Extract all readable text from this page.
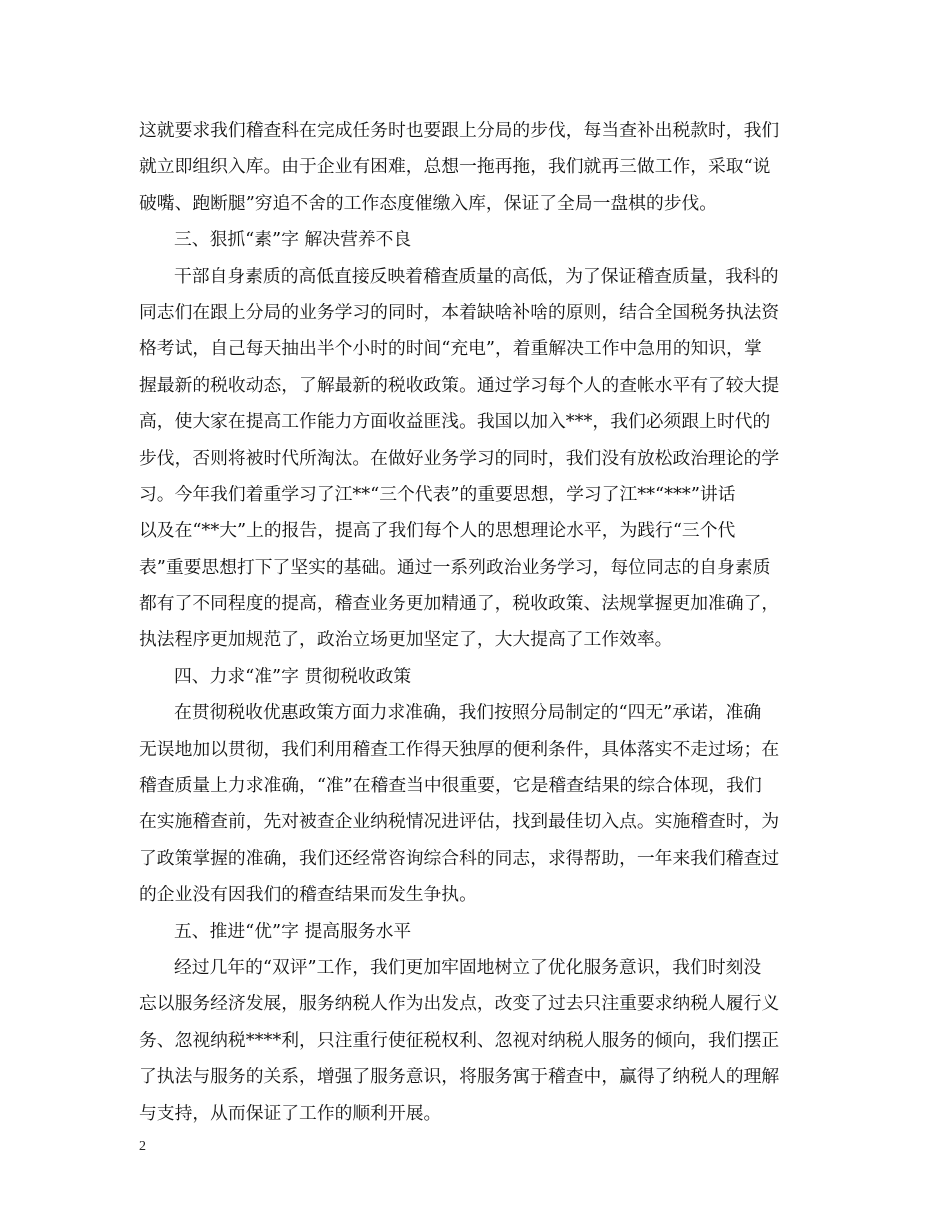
这就要求我们稽查科在完成任务时也要跟上分局的步伐，每当查补出税款时，我们
就立即组织入库。由于企业有困难，总想一拖再拖，我们就再三做工作，采取“说
破嘴、跑断腿”穷追不舍的工作态度催缴入库，保证了全局一盘棋的步伐。
三、狠抓“素”字 解决营养不良
干部自身素质的高低直接反映着稽查质量的高低，为了保证稽查质量，我科的
同志们在跟上分局的业务学习的同时，本着缺啥补啥的原则，结合全国税务执法资
格考试，自己每天抽出半个小时的时间“充电”，着重解决工作中急用的知识，掌
握最新的税收动态，了解最新的税收政策。通过学习每个人的查帐水平有了较大提
高，使大家在提高工作能力方面收益匪浅。我国以加入***，我们必须跟上时代的
步伐，否则将被时代所淘汰。在做好业务学习的同时，我们没有放松政治理论的学
习。今年我们着重学习了江**“三个代表”的重要思想，学习了江**“***”讲话
以及在“**大”上的报告，提高了我们每个人的思想理论水平，为践行“三个代
表”重要思想打下了坚实的基础。通过一系列政治业务学习，每位同志的自身素质
都有了不同程度的提高，稽查业务更加精通了，税收政策、法规掌握更加准确了，
执法程序更加规范了，政治立场更加坚定了，大大提高了工作效率。
四、力求“准”字 贯彻税收政策
在贯彻税收优惠政策方面力求准确，我们按照分局制定的“四无”承诺，准确
无误地加以贯彻，我们利用稽查工作得天独厚的便利条件，具体落实不走过场；在
稽查质量上力求准确，“准”在稽查当中很重要，它是稽查结果的综合体现，我们
在实施稽查前，先对被查企业纳税情况进评估，找到最佳切入点。实施稽查时，为
了政策掌握的准确，我们还经常咨询综合科的同志，求得帮助，一年来我们稽查过
的企业没有因我们的稽查结果而发生争执。
五、推进“优”字 提高服务水平
经过几年的“双评”工作，我们更加牢固地树立了优化服务意识，我们时刻没
忘以服务经济发展，服务纳税人作为出发点，改变了过去只注重要求纳税人履行义
务、忽视纳税****利，只注重行使征税权利、忽视对纳税人服务的倾向，我们摆正
了执法与服务的关系，增强了服务意识，将服务寓于稽查中，赢得了纳税人的理解
与支持，从而保证了工作的顺利开展。
2
